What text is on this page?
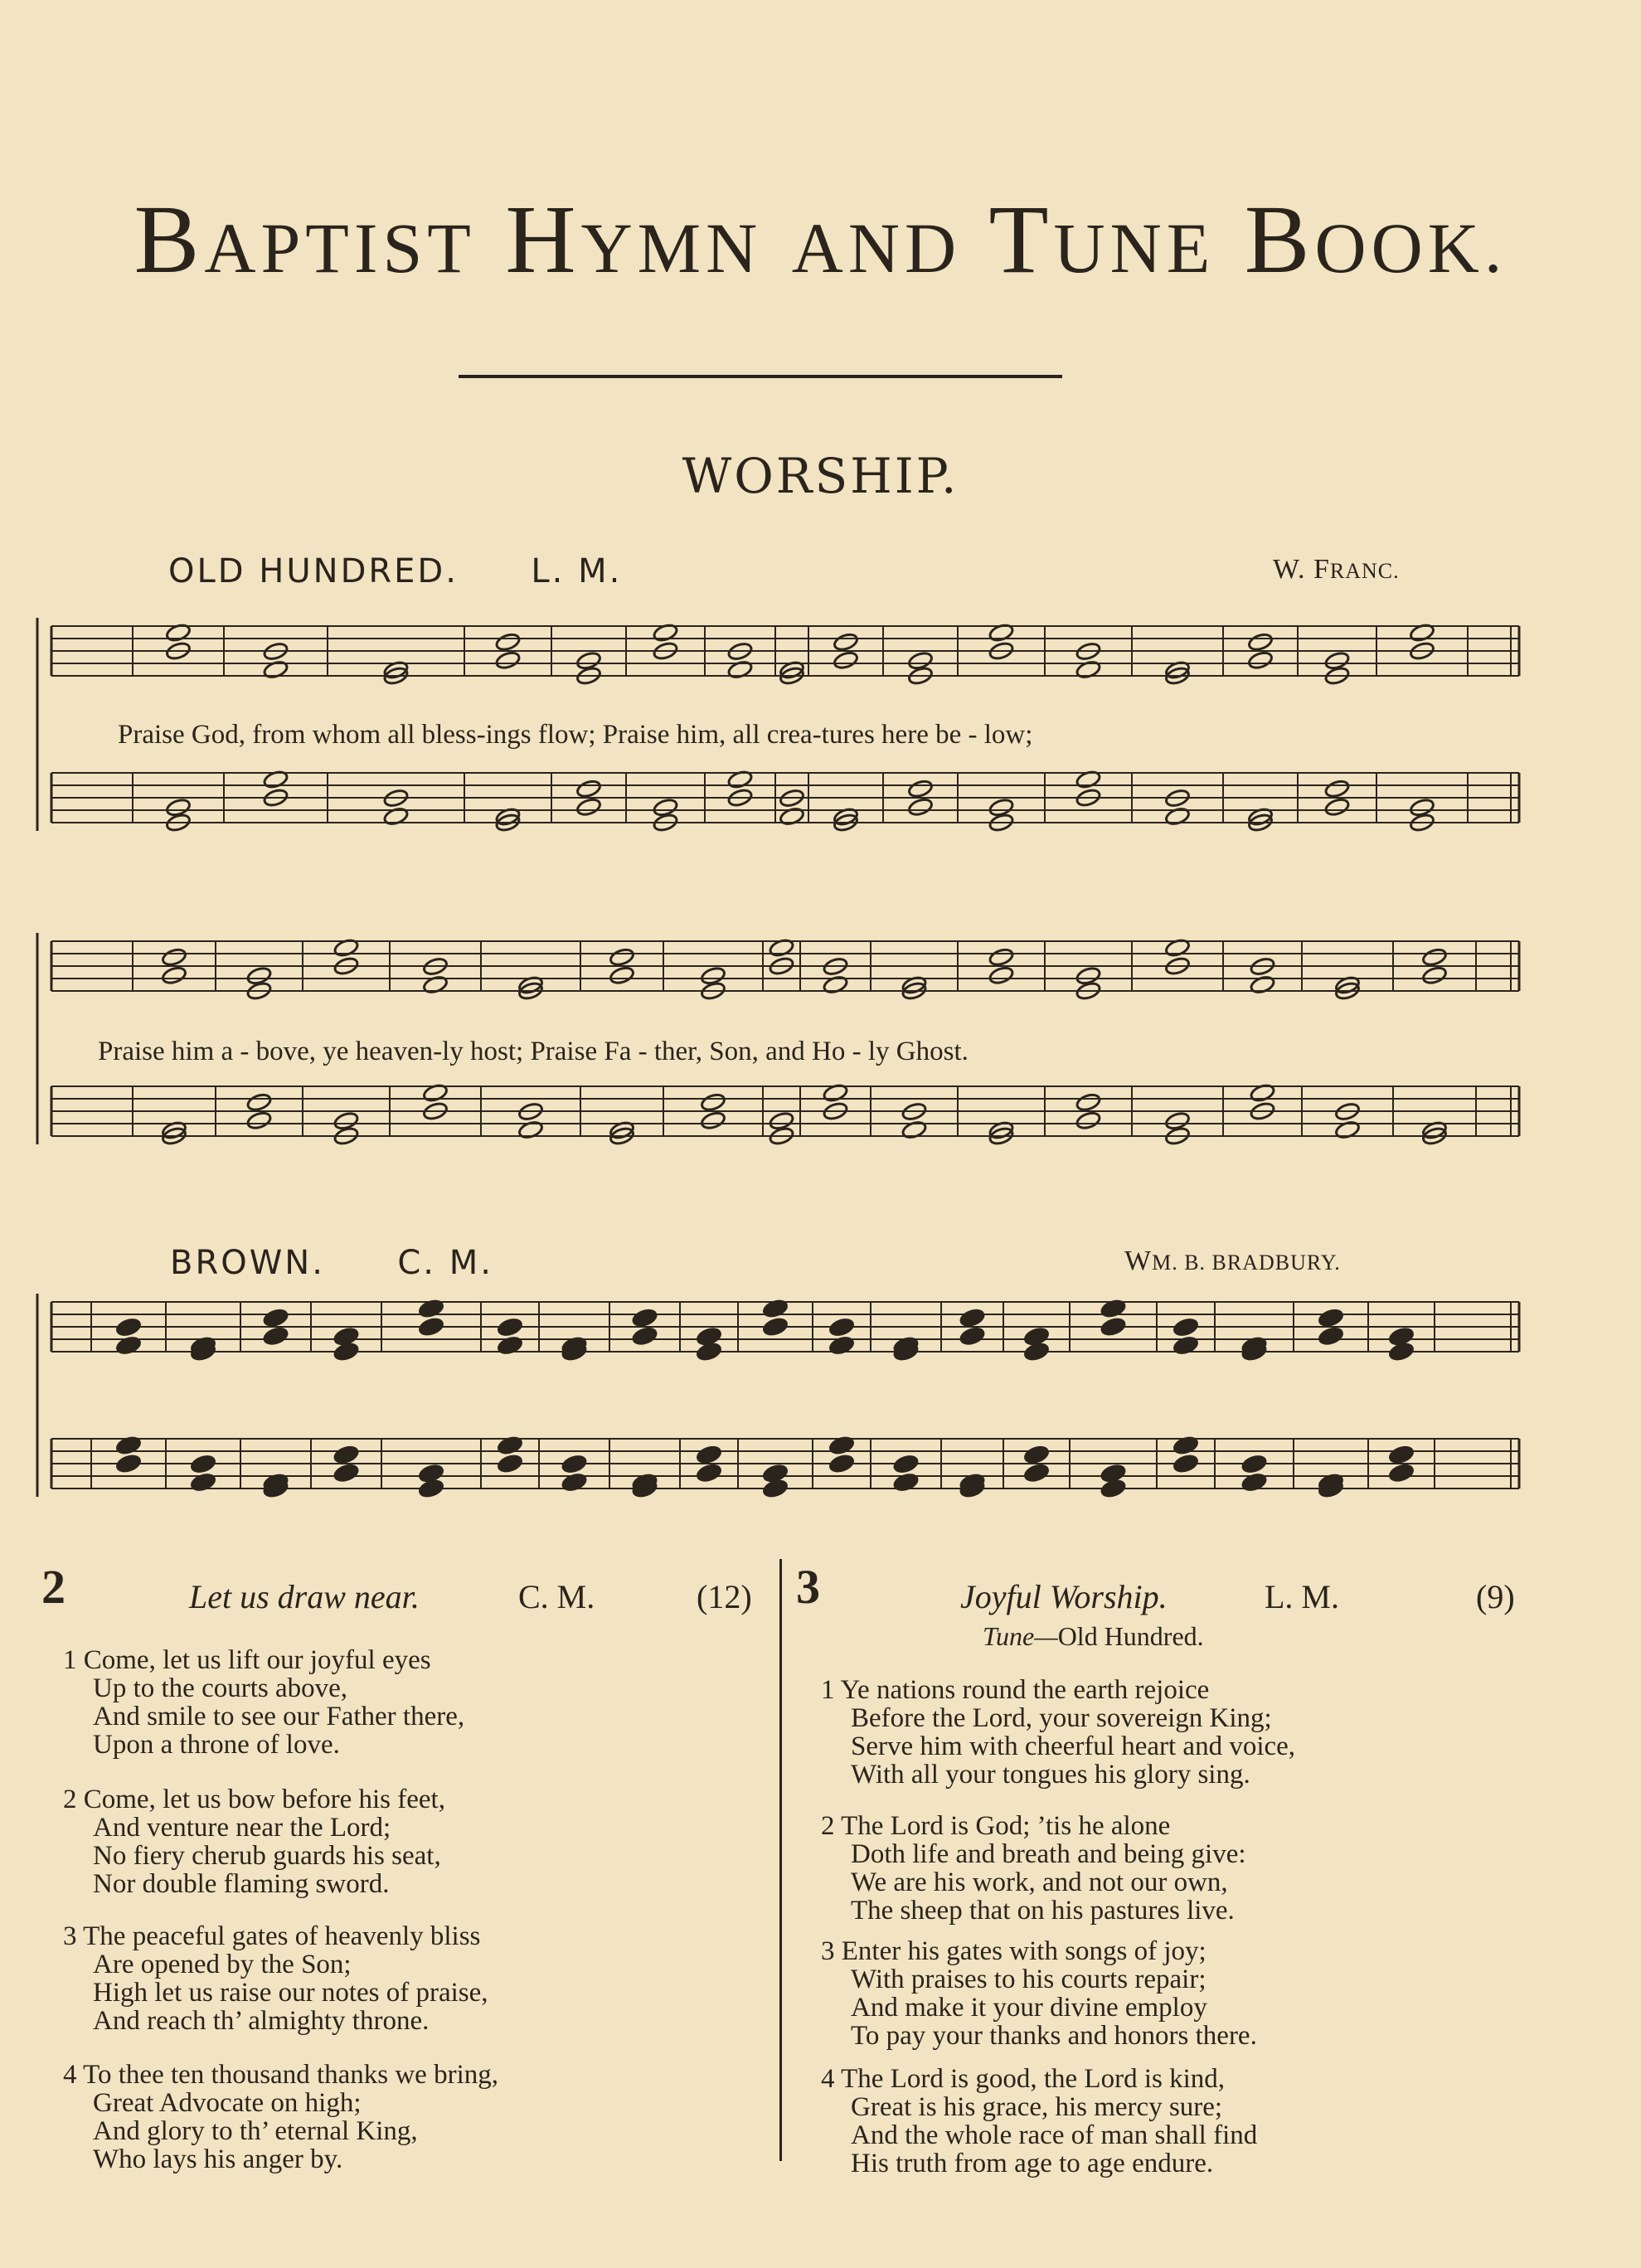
BAPTIST HYMN AND TUNE BOOK.
WORSHIP.
OLD HUNDRED. L. M.	W. FRANC.
Praise God, from whom all bless-ings flow; Praise him, all crea-tures here be - low;
Praise him a - bove, ye heaven-ly host; Praise Fa - ther, Son, and Ho - ly Ghost.
BROWN. C. M.	WM. B. BRADBURY.
2	Let us draw near.	C. M.	(12)
1 Come, let us lift our joyful eyes
Up to the courts above,
And smile to see our Father there,
Upon a throne of love.
2 Come, let us bow before his feet,
And venture near the Lord;
No fiery cherub guards his seat,
Nor double flaming sword.
3 The peaceful gates of heavenly bliss
Are opened by the Son;
High let us raise our notes of praise,
And reach th’ almighty throne.
4 To thee ten thousand thanks we bring,
Great Advocate on high;
And glory to th’ eternal King,
Who lays his anger by.
3	Joyful Worship.	L. M.	(9)
Tune—Old Hundred.
1 Ye nations round the earth rejoice
Before the Lord, your sovereign King;
Serve him with cheerful heart and voice,
With all your tongues his glory sing.
2 The Lord is God; ’tis he alone
Doth life and breath and being give:
We are his work, and not our own,
The sheep that on his pastures live.
3 Enter his gates with songs of joy;
With praises to his courts repair;
And make it your divine employ
To pay your thanks and honors there.
4 The Lord is good, the Lord is kind,
Great is his grace, his mercy sure;
And the whole race of man shall find
His truth from age to age endure.
